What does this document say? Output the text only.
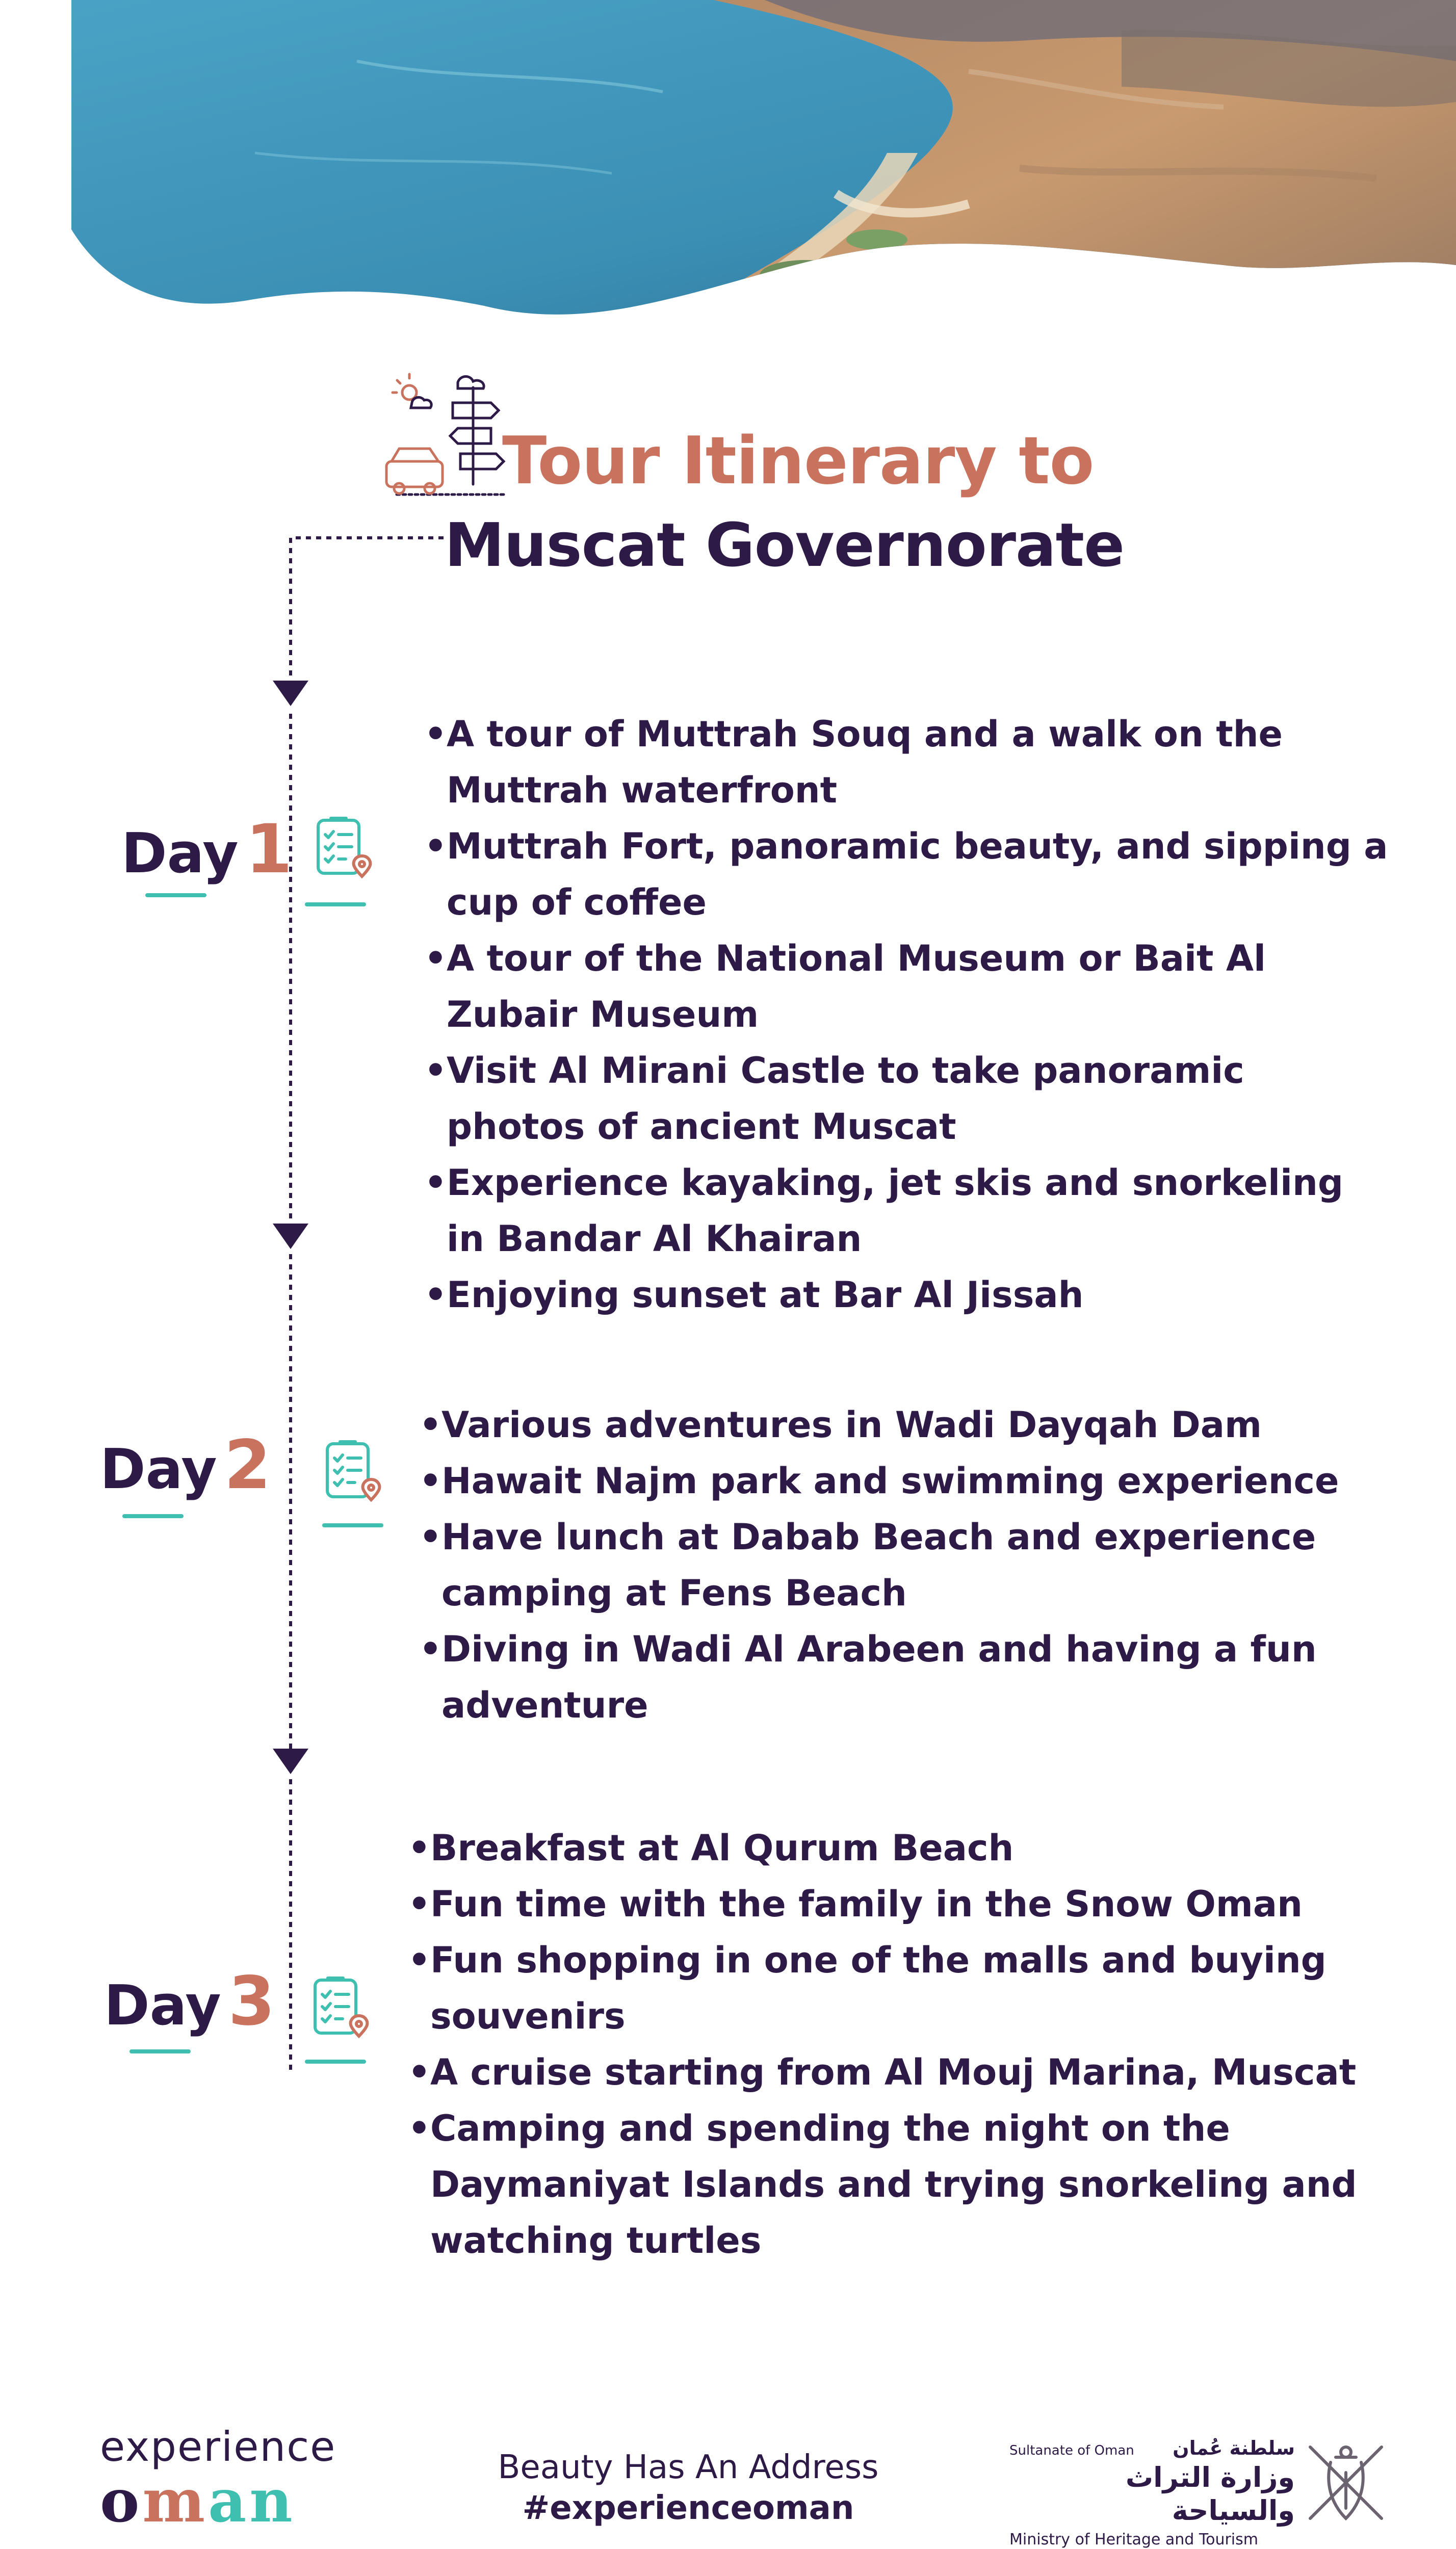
Tour Itinerary to
Muscat Governorate
Day 1
• A tour of Muttrah Souq and a walk on the Muttrah waterfront
• Muttrah Fort, panoramic beauty, and sipping a cup of coffee
• A tour of the National Museum or Bait Al Zubair Museum
• Visit Al Mirani Castle to take panoramic photos of ancient Muscat
• Experience kayaking, jet skis and snorkeling in Bandar Al Khairan
• Enjoying sunset at Bar Al Jissah
Day 2
• Various adventures in Wadi Dayqah Dam
• Hawait Najm park and swimming experience
• Have lunch at Dabab Beach and experience camping at Fens Beach
• Diving in Wadi Al Arabeen and having a fun adventure
Day 3
• Breakfast at Al Qurum Beach
• Fun time with the family in the Snow Oman
• Fun shopping in one of the malls and buying souvenirs
• A cruise starting from Al Mouj Marina, Muscat
• Camping and spending the night on the Daymaniyat Islands and trying snorkeling and watching turtles
experience
oman	Beauty Has An Address
#experienceoman
Sultanate of Oman سلطنة عُمان
وزارة التراث والسياحة
Ministry of Heritage and Tourism
